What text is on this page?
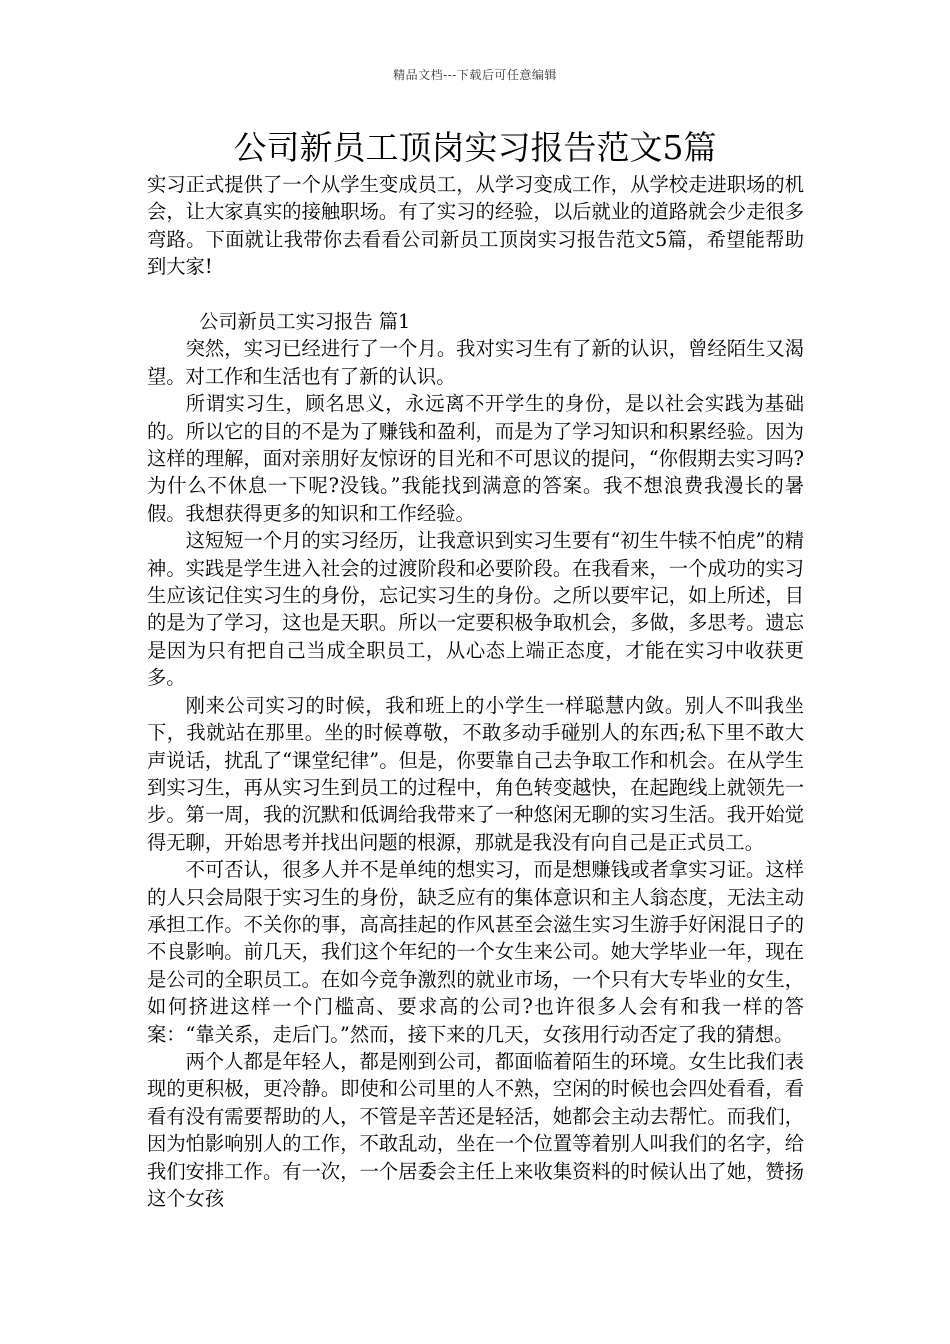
精品文档---下载后可任意编辑
公司新员工顶岗实习报告范文5篇

实习正式提供了一个从学生变成员工，从学习变成工作，从学校走进职场的机会，让大家真实的接触职场。有了实习的经验，以后就业的道路就会少走很多弯路。下面就让我带你去看看公司新员工顶岗实习报告范文5篇，希望能帮助到大家!

公司新员工实习报告 篇1

突然，实习已经进行了一个月。我对实习生有了新的认识，曾经陌生又渴望。对工作和生活也有了新的认识。

所谓实习生，顾名思义，永远离不开学生的身份，是以社会实践为基础的。所以它的目的不是为了赚钱和盈利，而是为了学习知识和积累经验。因为这样的理解，面对亲朋好友惊讶的目光和不可思议的提问，“你假期去实习吗?为什么不休息一下呢?没钱。”我能找到满意的答案。我不想浪费我漫长的暑假。我想获得更多的知识和工作经验。

这短短一个月的实习经历，让我意识到实习生要有“初生牛犊不怕虎”的精神。实践是学生进入社会的过渡阶段和必要阶段。在我看来，一个成功的实习生应该记住实习生的身份，忘记实习生的身份。之所以要牢记，如上所述，目的是为了学习，这也是天职。所以一定要积极争取机会，多做，多思考。遗忘是因为只有把自己当成全职员工，从心态上端正态度，才能在实习中收获更多。

刚来公司实习的时候，我和班上的小学生一样聪慧内敛。别人不叫我坐下，我就站在那里。坐的时候尊敬，不敢多动手碰别人的东西;私下里不敢大声说话，扰乱了“课堂纪律”。但是，你要靠自己去争取工作和机会。在从学生到实习生，再从实习生到员工的过程中，角色转变越快，在起跑线上就领先一步。第一周，我的沉默和低调给我带来了一种悠闲无聊的实习生活。我开始觉得无聊，开始思考并找出问题的根源，那就是我没有向自己是正式员工。

不可否认，很多人并不是单纯的想实习，而是想赚钱或者拿实习证。这样的人只会局限于实习生的身份，缺乏应有的集体意识和主人翁态度，无法主动承担工作。不关你的事，高高挂起的作风甚至会滋生实习生游手好闲混日子的不良影响。前几天，我们这个年纪的一个女生来公司。她大学毕业一年，现在是公司的全职员工。在如今竞争激烈的就业市场，一个只有大专毕业的女生，如何挤进这样一个门槛高、要求高的公司?也许很多人会有和我一样的答案：“靠关系，走后门。”然而，接下来的几天，女孩用行动否定了我的猜想。

两个人都是年轻人，都是刚到公司，都面临着陌生的环境。女生比我们表现的更积极，更冷静。即使和公司里的人不熟，空闲的时候也会四处看看，看看有没有需要帮助的人，不管是辛苦还是轻活，她都会主动去帮忙。而我们，因为怕影响别人的工作，不敢乱动，坐在一个位置等着别人叫我们的名字，给我们安排工作。有一次，一个居委会主任上来收集资料的时候认出了她，赞扬这个女孩
